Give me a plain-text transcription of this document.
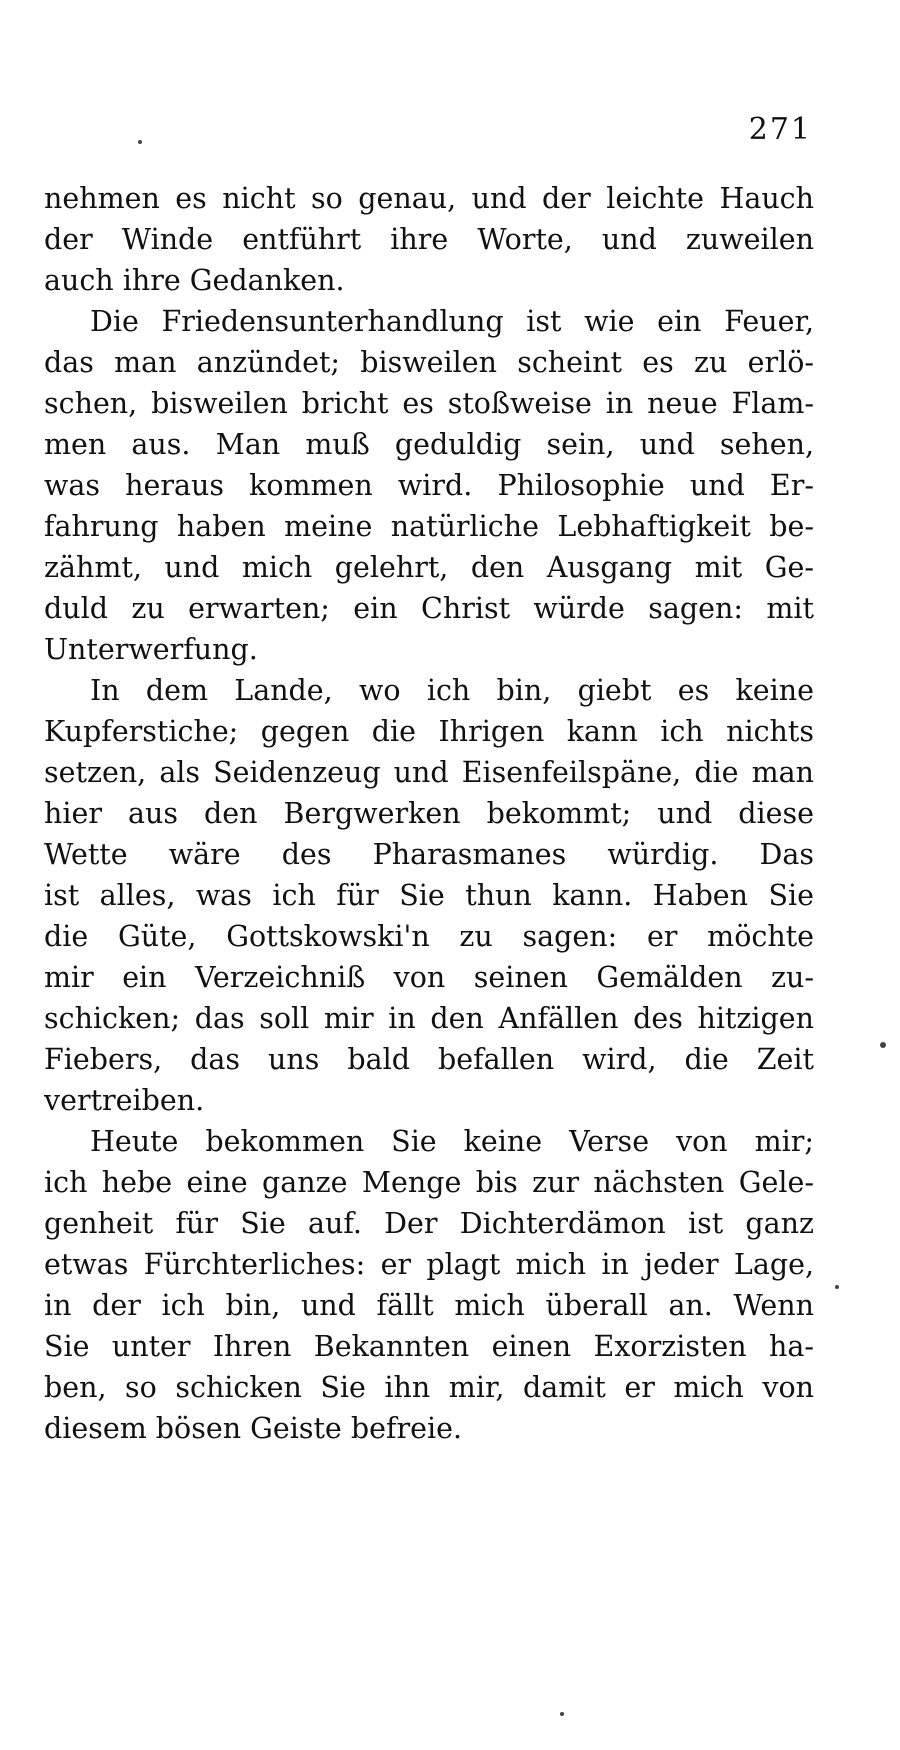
271
nehmen es nicht so genau, und der leichte Hauch
der Winde entführt ihre Worte, und zuweilen
auch ihre Gedanken.
Die Friedensunterhandlung ist wie ein Feuer,
das man anzündet; bisweilen scheint es zu erlö-
schen, bisweilen bricht es stoßweise in neue Flam-
men aus. Man muß geduldig sein, und sehen,
was heraus kommen wird. Philosophie und Er-
fahrung haben meine natürliche Lebhaftigkeit be-
zähmt, und mich gelehrt, den Ausgang mit Ge-
duld zu erwarten; ein Christ würde sagen: mit
Unterwerfung.
In dem Lande, wo ich bin, giebt es keine
Kupferstiche; gegen die Ihrigen kann ich nichts
setzen, als Seidenzeug und Eisenfeilspäne, die man
hier aus den Bergwerken bekommt; und diese
Wette wäre des Pharasmanes würdig. Das
ist alles, was ich für Sie thun kann. Haben Sie
die Güte, Gottskowski'n zu sagen: er möchte
mir ein Verzeichniß von seinen Gemälden zu-
schicken; das soll mir in den Anfällen des hitzigen
Fiebers, das uns bald befallen wird, die Zeit
vertreiben.
Heute bekommen Sie keine Verse von mir;
ich hebe eine ganze Menge bis zur nächsten Gele-
genheit für Sie auf. Der Dichterdämon ist ganz
etwas Fürchterliches: er plagt mich in jeder Lage,
in der ich bin, und fällt mich überall an. Wenn
Sie unter Ihren Bekannten einen Exorzisten ha-
ben, so schicken Sie ihn mir, damit er mich von
diesem bösen Geiste befreie.
